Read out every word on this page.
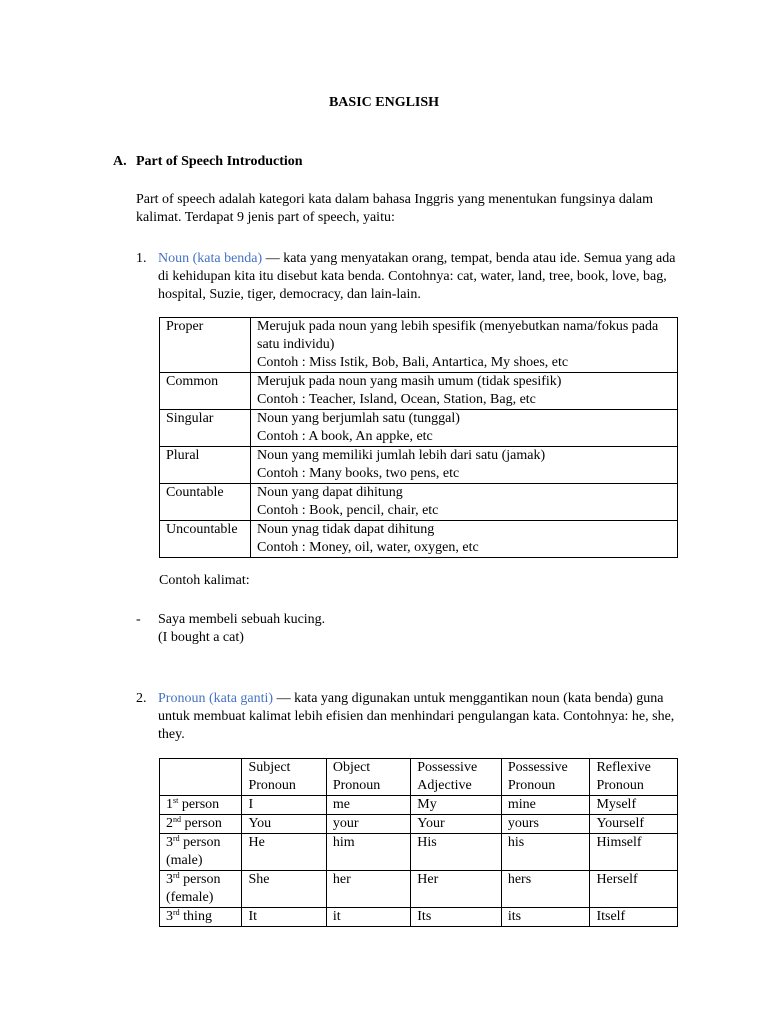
BASIC ENGLISH
A. Part of Speech Introduction
Part of speech adalah kategori kata dalam bahasa Inggris yang menentukan fungsinya dalam kalimat. Terdapat 9 jenis part of speech, yaitu:
1. Noun (kata benda) — kata yang menyatakan orang, tempat, benda atau ide. Semua yang ada di kehidupan kita itu disebut kata benda. Contohnya: cat, water, land, tree, book, love, bag, hospital, Suzie, tiger, democracy, dan lain-lain.
Proper	Merujuk pada noun yang lebih spesifik (menyebutkan nama/fokus pada satu individu)
Contoh : Miss Istik, Bob, Bali, Antartica, My shoes, etc

Common	Merujuk pada noun yang masih umum (tidak spesifik)
Contoh : Teacher, Island, Ocean, Station, Bag, etc

Singular	Noun yang berjumlah satu (tunggal)
Contoh : A book, An appke, etc

Plural	Noun yang memiliki jumlah lebih dari satu (jamak)
Contoh : Many books, two pens, etc

Countable	Noun yang dapat dihitung
Contoh : Book, pencil, chair, etc

Uncountable	Noun ynag tidak dapat dihitung
Contoh : Money, oil, water, oxygen, etc
Contoh kalimat:
- Saya membeli sebuah kucing.
(I bought a cat)
2. Pronoun (kata ganti) — kata yang digunakan untuk menggantikan noun (kata benda) guna untuk membuat kalimat lebih efisien dan menhindari pengulangan kata. Contohnya: he, she, they.
	Subject Pronoun	Object Pronoun	Possessive Adjective	Possessive Pronoun	Reflexive Pronoun
1st person	I	me	My	mine	Myself
2nd person	You	your	Your	yours	Yourself
3rd person (male)	He	him	His	his	Himself
3rd person (female)	She	her	Her	hers	Herself
3rd thing	It	it	Its	its	Itself
